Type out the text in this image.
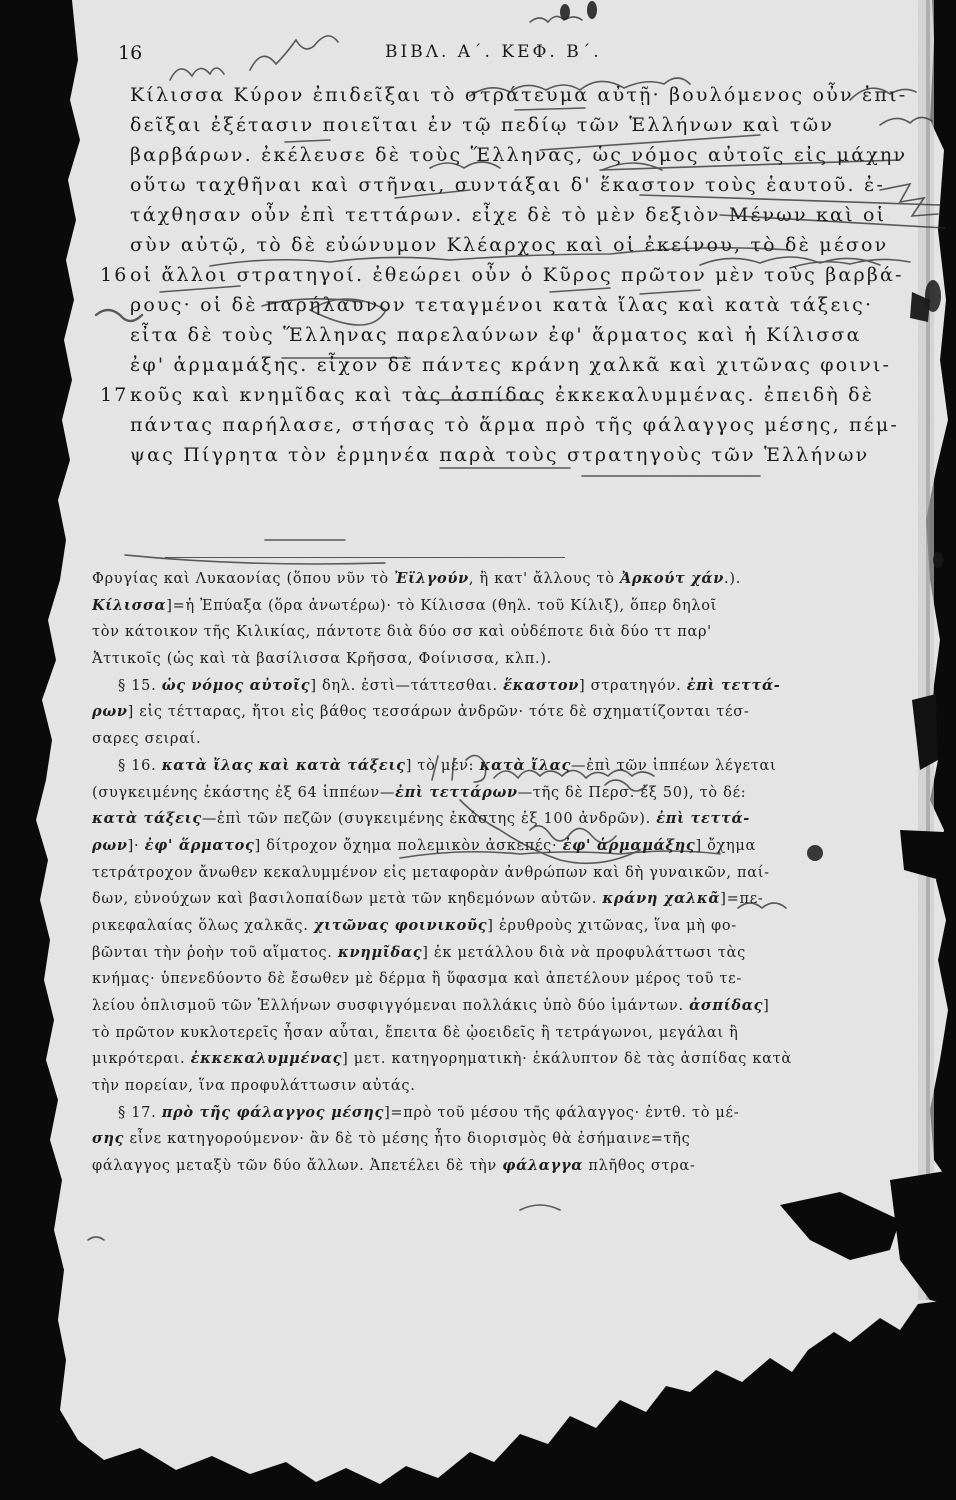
16	ΒΙΒΛ. Α΄. ΚΕΦ. Β΄.
Κίλισσα Κύρον ἐπιδεῖξαι τὸ στράτευμα αὐτῇ· βουλόμενος οὖν ἐπι-
δεῖξαι ἐξέτασιν ποιεῖται ἐν τῷ πεδίῳ τῶν Ἑλλήνων καὶ τῶν
βαρβάρων. ἐκέλευσε δὲ τοὺς Ἕλληνας, ὡς νόμος αὐτοῖς εἰς μάχην
οὕτω ταχθῆναι καὶ στῆναι, συντάξαι δ' ἕκαστον τοὺς ἑαυτοῦ. ἐ-
τάχθησαν οὖν ἐπὶ τεττάρων. εἶχε δὲ τὸ μὲν δεξιὸν Μένων καὶ οἱ
σὺν αὐτῷ, τὸ δὲ εὐώνυμον Κλέαρχος καὶ οἱ ἐκείνου, τὸ δὲ μέσον
16 οἱ ἄλλοι στρατηγοί. ἐθεώρει οὖν ὁ Κῦρος πρῶτον μὲν τοὺς βαρβά-
ρους· οἱ δὲ παρήλαυνον τεταγμένοι κατὰ ἴλας καὶ κατὰ τάξεις·
εἶτα δὲ τοὺς Ἕλληνας παρελαύνων ἐφ' ἅρματος καὶ ἡ Κίλισσα
ἐφ' ἁρμαμάξης. εἶχον δὲ πάντες κράνη χαλκᾶ καὶ χιτῶνας φοινι-
17 κοῦς καὶ κνημῖδας καὶ τὰς ἀσπίδας ἐκκεκαλυμμένας. ἐπειδὴ δὲ
πάντας παρήλασε, στήσας τὸ ἅρμα πρὸ τῆς φάλαγγος μέσης, πέμ-
ψας Πίγρητα τὸν ἑρμηνέα παρὰ τοὺς στρατηγοὺς τῶν Ἑλλήνων
Φρυγίας καὶ Λυκαονίας (ὅπου νῦν τὸ Ἐϊλγούν, ἢ κατ' ἄλλους τὸ Ἀρκούτ χάν.).
Κίλισσα]=ἡ Ἐπύαξα (ὅρα ἀνωτέρω)· τὸ Κίλισσα (θηλ. τοῦ Κίλιξ), ὅπερ δηλοῖ
τὸν κάτοικον τῆς Κιλικίας, πάντοτε διὰ δύο σσ καὶ οὐδέποτε διὰ δύο ττ παρ'
Ἀττικοῖς (ὡς καὶ τὰ βασίλισσα Κρῆσσα, Φοίνισσα, κλπ.).
§ 15. ὡς νόμος αὐτοῖς] δηλ. ἐστὶ—τάττεσθαι. ἕκαστον] στρατηγόν. ἐπὶ τεττά-
ρων] εἰς τέτταρας, ἤτοι εἰς βάθος τεσσάρων ἀνδρῶν· τότε δὲ σχηματίζονται τέσ-
σαρες σειραί.
§ 16. κατὰ ἴλας καὶ κατὰ τάξεις] τὸ μέν: κατὰ ἴλας—ἐπὶ τῶν ἱππέων λέγεται
(συγκειμένης ἑκάστης ἐξ 64 ἱππέων—ἐπὶ τεττάρων—τῆς δὲ Περσ. ἐξ 50), τὸ δέ:
κατὰ τάξεις—ἐπὶ τῶν πεζῶν (συγκειμένης ἑκάστης ἐξ 100 ἀνδρῶν). ἐπὶ τεττά-
ρων]· ἐφ' ἅρματος] δίτροχον ὄχημα πολεμικὸν ἀσκεπές· ἐφ' ἁρμαμάξης] ὄχημα
τετράτροχον ἄνωθεν κεκαλυμμένον εἰς μεταφορὰν ἀνθρώπων καὶ δὴ γυναικῶν, παί-
δων, εὐνούχων καὶ βασιλοπαίδων μετὰ τῶν κηδεμόνων αὐτῶν. κράνη χαλκᾶ]=πε-
ρικεφαλαίας ὅλως χαλκᾶς. χιτῶνας φοινικοῦς] ἐρυθροὺς χιτῶνας, ἵνα μὴ φο-
βῶνται τὴν ῥοὴν τοῦ αἵματος. κνημῖδας] ἐκ μετάλλου διὰ νὰ προφυλάττωσι τὰς
κνήμας· ὑπενεδύοντο δὲ ἔσωθεν μὲ δέρμα ἢ ὕφασμα καὶ ἀπετέλουν μέρος τοῦ τε-
λείου ὁπλισμοῦ τῶν Ἑλλήνων συσφιγγόμεναι πολλάκις ὑπὸ δύο ἱμάντων. ἀσπίδας]
τὸ πρῶτον κυκλοτερεῖς ἦσαν αὗται, ἔπειτα δὲ ᾠοειδεῖς ἢ τετράγωνοι, μεγάλαι ἢ
μικρότεραι. ἐκκεκαλυμμένας] μετ. κατηγορηματικὴ· ἐκάλυπτον δὲ τὰς ἀσπίδας κατὰ
τὴν πορείαν, ἵνα προφυλάττωσιν αὐτάς.
§ 17. πρὸ τῆς φάλαγγος μέσης]=πρὸ τοῦ μέσου τῆς φάλαγγος· ἐντθ. τὸ μέ-
σης εἶνε κατηγορούμενον· ἂν δὲ τὸ μέσης ἦτο διορισμὸς θὰ ἐσήμαινε=τῆς
φάλαγγος μεταξὺ τῶν δύο ἄλλων. Ἀπετέλει δὲ τὴν φάλαγγα πλῆθος στρα-
